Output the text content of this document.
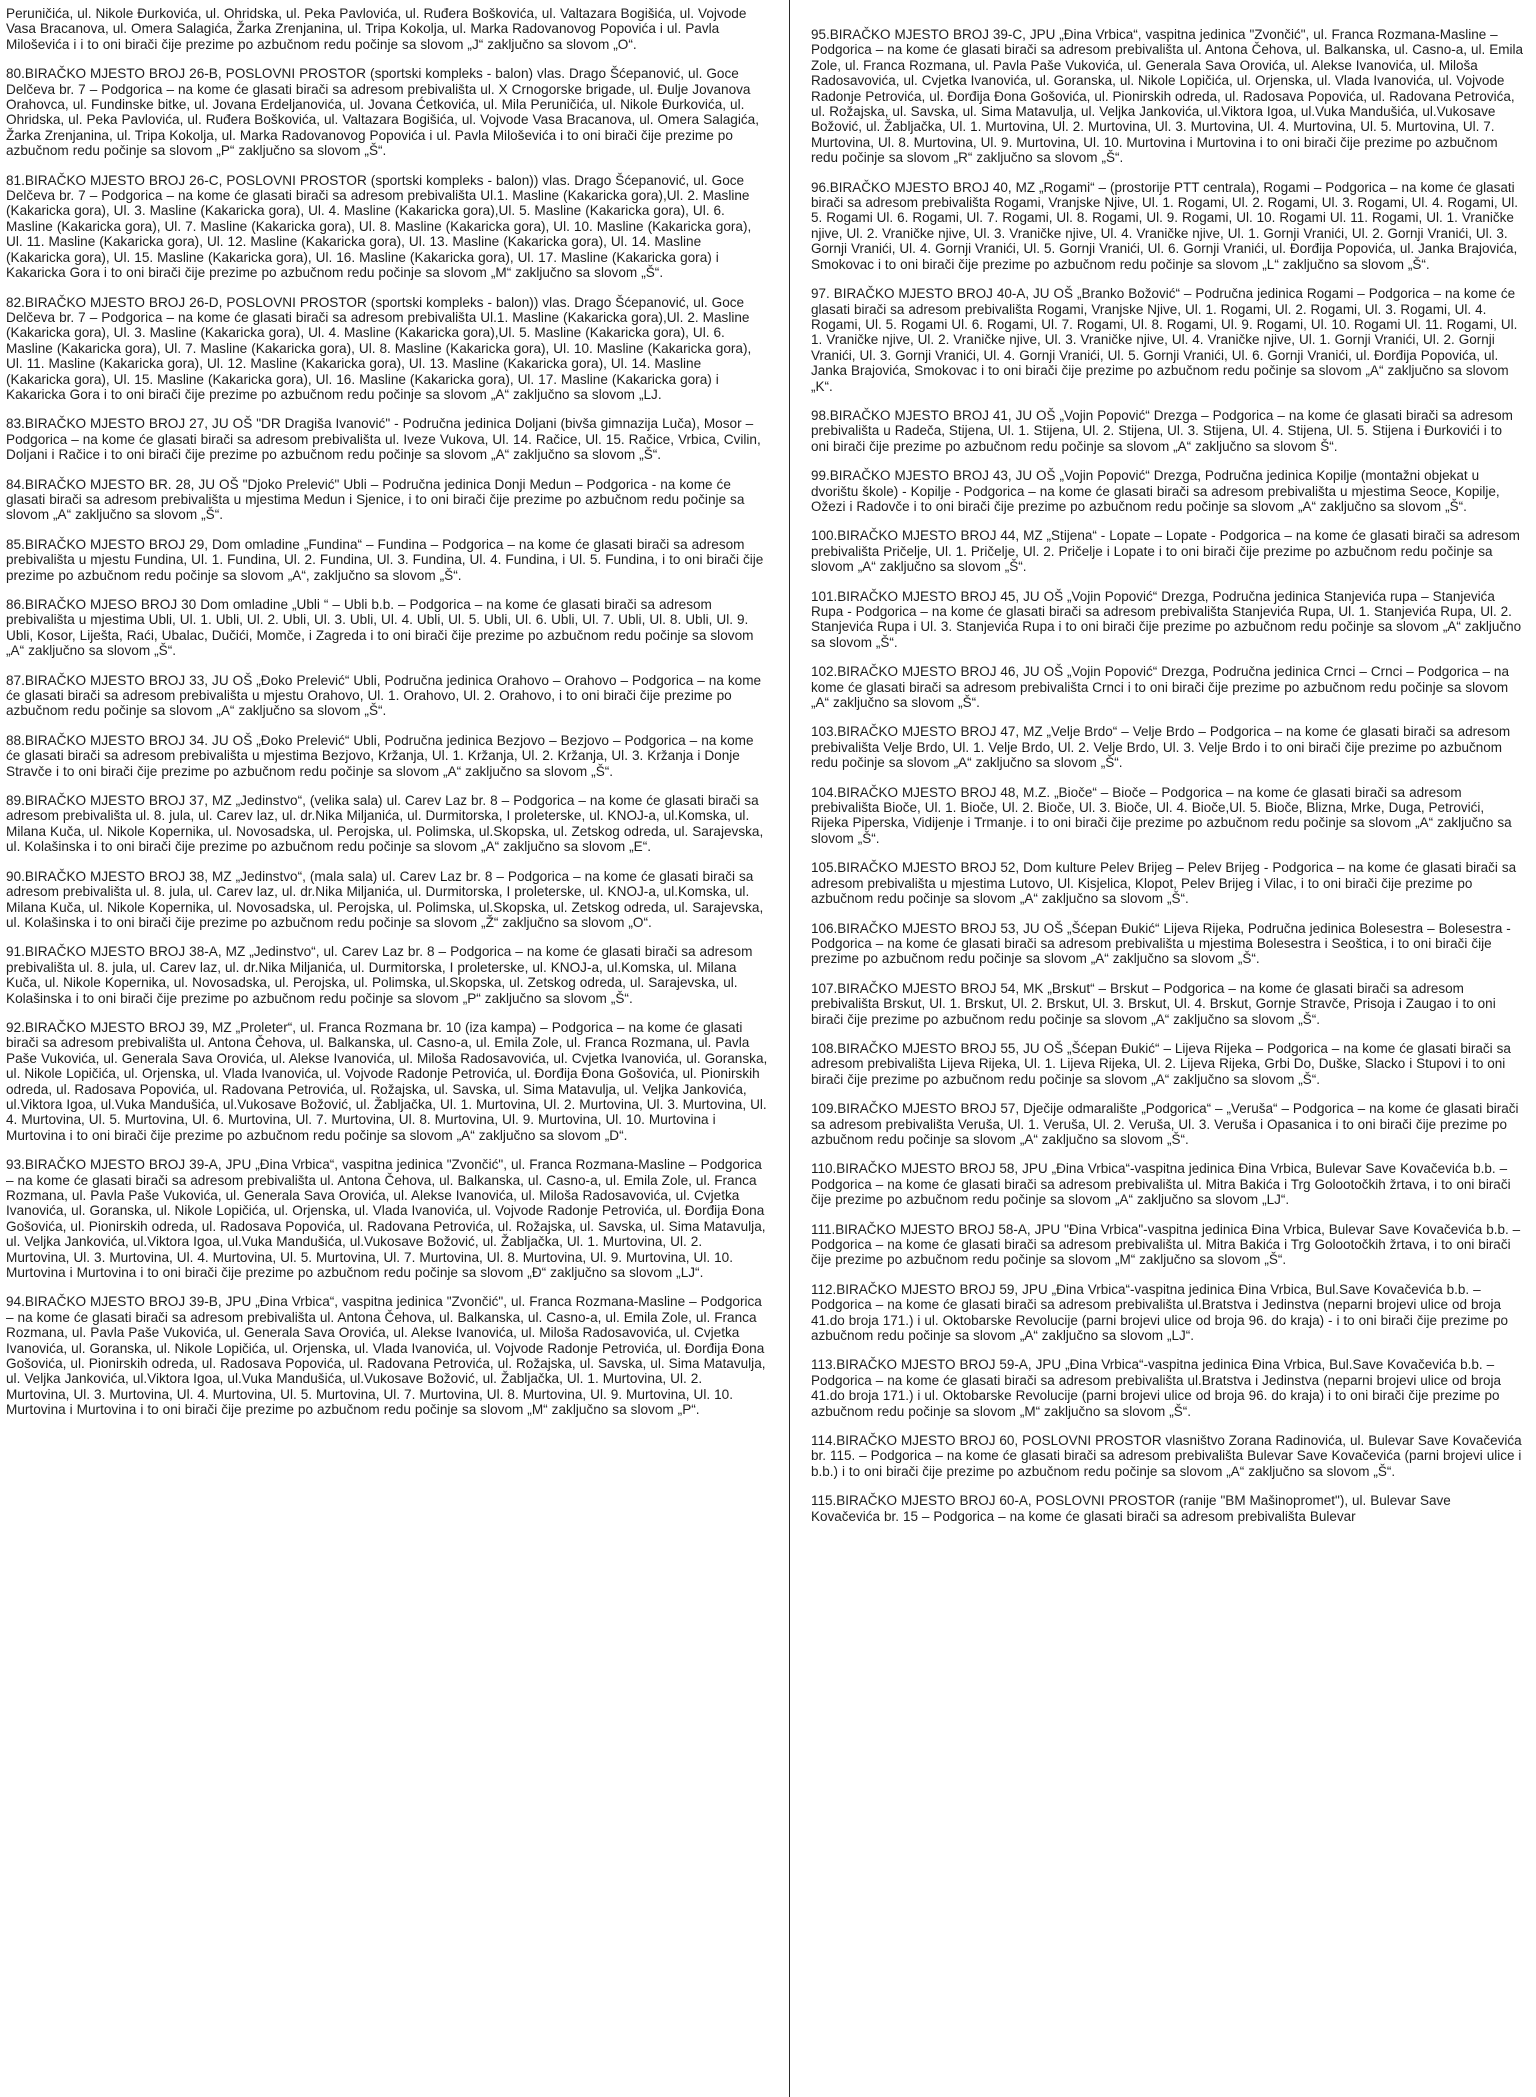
Peruničića, ul. Nikole Đurkovića, ul. Ohridska, ul. Peka Pavlovića, ul. Ruđera Boškovića, ul. Valtazara Bogišića, ul. Vojvode Vasa Bracanova, ul. Omera Salagića, Žarka Zrenjanina, ul. Tripa Kokolja, ul. Marka Radovanovog Popovića i ul. Pavla Miloševića i i to oni birači čije prezime po azbučnom redu počinje sa slovom „J“ zaključno sa slovom „O“.

80.BIRAČKO MJESTO BROJ 26-B, POSLOVNI PROSTOR (sportski kompleks - balon) vlas. Drago Šćepanović, ul. Goce Delčeva br. 7 – Podgorica – na kome će glasati birači sa adresom prebivališta ul. X Crnogorske brigade, ul. Đulje Jovanova Orahovca, ul. Fundinske bitke, ul. Jovana Erdeljanovića, ul. Jovana Ćetkovića, ul. Mila Peruničića, ul. Nikole Đurkovića, ul. Ohridska, ul. Peka Pavlovića, ul. Ruđera Boškovića, ul. Valtazara Bogišića, ul. Vojvode Vasa Bracanova, ul. Omera Salagića, Žarka Zrenjanina, ul. Tripa Kokolja, ul. Marka Radovanovog Popovića i ul. Pavla Miloševića i to oni birači čije prezime po azbučnom redu počinje sa slovom „P“ zaključno sa slovom „Š“.

81.BIRAČKO MJESTO BROJ 26-C, POSLOVNI PROSTOR (sportski kompleks - balon)) vlas. Drago Šćepanović, ul. Goce Delčeva br. 7 – Podgorica – na kome će glasati birači sa adresom prebivališta Ul.1. Masline (Kakaricka gora),Ul. 2. Masline (Kakaricka gora), Ul. 3. Masline (Kakaricka gora), Ul. 4. Masline (Kakaricka gora),Ul. 5. Masline (Kakaricka gora), Ul. 6. Masline (Kakaricka gora), Ul. 7. Masline (Kakaricka gora), Ul. 8. Masline (Kakaricka gora), Ul. 10. Masline (Kakaricka gora), Ul. 11. Masline (Kakaricka gora), Ul. 12. Masline (Kakaricka gora), Ul. 13. Masline (Kakaricka gora), Ul. 14. Masline (Kakaricka gora), Ul. 15. Masline (Kakaricka gora), Ul. 16. Masline (Kakaricka gora), Ul. 17. Masline (Kakaricka gora) i Kakaricka Gora i to oni birači čije prezime po azbučnom redu počinje sa slovom „M“ zaključno sa slovom „Š“.

82.BIRAČKO MJESTO BROJ 26-D, POSLOVNI PROSTOR (sportski kompleks - balon)) vlas. Drago Šćepanović, ul. Goce Delčeva br. 7 – Podgorica – na kome će glasati birači sa adresom prebivališta Ul.1. Masline (Kakaricka gora),Ul. 2. Masline (Kakaricka gora), Ul. 3. Masline (Kakaricka gora), Ul. 4. Masline (Kakaricka gora),Ul. 5. Masline (Kakaricka gora), Ul. 6. Masline (Kakaricka gora), Ul. 7. Masline (Kakaricka gora), Ul. 8. Masline (Kakaricka gora), Ul. 10. Masline (Kakaricka gora), Ul. 11. Masline (Kakaricka gora), Ul. 12. Masline (Kakaricka gora), Ul. 13. Masline (Kakaricka gora), Ul. 14. Masline (Kakaricka gora), Ul. 15. Masline (Kakaricka gora), Ul. 16. Masline (Kakaricka gora), Ul. 17. Masline (Kakaricka gora) i Kakaricka Gora i to oni birači čije prezime po azbučnom redu počinje sa slovom „A“ zaključno sa slovom „LJ.

83.BIRAČKO MJESTO BROJ 27, JU OŠ "DR Dragiša Ivanović" - Područna jedinica Doljani (bivša gimnazija Luča), Mosor – Podgorica – na kome će glasati birači sa adresom prebivališta ul. Iveze Vukova, Ul. 14. Račice, Ul. 15. Račice, Vrbica, Cvilin, Doljani i Račice i to oni birači čije prezime po azbučnom redu počinje sa slovom „A“ zaključno sa slovom „Š“.

84.BIRAČKO MJESTO BR. 28, JU OŠ "Djoko Prelević" Ubli – Područna jedinica Donji Medun – Podgorica - na kome će glasati birači sa adresom prebivališta u mjestima Medun i Sjenice, i to oni birači čije prezime po azbučnom redu počinje sa slovom „A“ zaključno sa slovom „Š“.

85.BIRAČKO MJESTO BROJ 29, Dom omladine „Fundina“ – Fundina – Podgorica – na kome će glasati birači sa adresom prebivališta u mjestu Fundina, Ul. 1. Fundina, Ul. 2. Fundina, Ul. 3. Fundina, Ul. 4. Fundina, i Ul. 5. Fundina, i to oni birači čije prezime po azbučnom redu počinje sa slovom „A“, zaključno sa slovom „Š“.

86.BIRAČKO MJESO BROJ 30 Dom omladine „Ubli “ – Ubli b.b. – Podgorica – na kome će glasati birači sa adresom prebivališta u mjestima Ubli, Ul. 1. Ubli, Ul. 2. Ubli, Ul. 3. Ubli, Ul. 4. Ubli, Ul. 5. Ubli, Ul. 6. Ubli, Ul. 7. Ubli, Ul. 8. Ubli, Ul. 9. Ubli, Kosor, Liješta, Raći, Ubalac, Dučići, Momče, i Zagreda i to oni birači čije prezime po azbučnom redu počinje sa slovom „A“ zaključno sa slovom „Š“.

87.BIRAČKO MJESTO BROJ 33, JU OŠ „Đoko Prelević“ Ubli, Područna jedinica Orahovo – Orahovo – Podgorica – na kome će glasati birači sa adresom prebivališta u mjestu Orahovo, Ul. 1. Orahovo, Ul. 2. Orahovo, i to oni birači čije prezime po azbučnom redu počinje sa slovom „A“ zaključno sa slovom „Š“.

88.BIRAČKO MJESTO BROJ 34. JU OŠ „Đoko Prelević“ Ubli, Područna jedinica Bezjovo – Bezjovo – Podgorica – na kome će glasati birači sa adresom prebivališta u mjestima Bezjovo, Kržanja, Ul. 1. Kržanja, Ul. 2. Kržanja, Ul. 3. Kržanja i Donje Stravče i to oni birači čije prezime po azbučnom redu počinje sa slovom „A“ zaključno sa slovom „Š“.

89.BIRAČKO MJESTO BROJ 37, MZ „Jedinstvo“, (velika sala) ul. Carev Laz br. 8 – Podgorica – na kome će glasati birači sa adresom prebivališta ul. 8. jula, ul. Carev laz, ul. dr.Nika Miljanića, ul. Durmitorska, I proleterske, ul. KNOJ-a, ul.Komska, ul. Milana Kuča, ul. Nikole Kopernika, ul. Novosadska, ul. Perojska, ul. Polimska, ul.Skopska, ul. Zetskog odreda, ul. Sarajevska, ul. Kolašinska i to oni birači čije prezime po azbučnom redu počinje sa slovom „A“ zaključno sa slovom „E“.

90.BIRAČKO MJESTO BROJ 38, MZ „Jedinstvo“, (mala sala) ul. Carev Laz br. 8 – Podgorica – na kome će glasati birači sa adresom prebivališta ul. 8. jula, ul. Carev laz, ul. dr.Nika Miljanića, ul. Durmitorska, I proleterske, ul. KNOJ-a, ul.Komska, ul. Milana Kuča, ul. Nikole Kopernika, ul. Novosadska, ul. Perojska, ul. Polimska, ul.Skopska, ul. Zetskog odreda, ul. Sarajevska, ul. Kolašinska i to oni birači čije prezime po azbučnom redu počinje sa slovom „Ž“ zaključno sa slovom „O“.

91.BIRAČKO MJESTO BROJ 38-A, MZ „Jedinstvo“, ul. Carev Laz br. 8 – Podgorica – na kome će glasati birači sa adresom prebivališta ul. 8. jula, ul. Carev laz, ul. dr.Nika Miljanića, ul. Durmitorska, I proleterske, ul. KNOJ-a, ul.Komska, ul. Milana Kuča, ul. Nikole Kopernika, ul. Novosadska, ul. Perojska, ul. Polimska, ul.Skopska, ul. Zetskog odreda, ul. Sarajevska, ul. Kolašinska i to oni birači čije prezime po azbučnom redu počinje sa slovom „P“ zaključno sa slovom „Š“.

92.BIRAČKO MJESTO BROJ 39, MZ „Proleter“, ul. Franca Rozmana br. 10 (iza kampa) – Podgorica – na kome će glasati birači sa adresom prebivališta ul. Antona Čehova, ul. Balkanska, ul. Casno-a, ul. Emila Zole, ul. Franca Rozmana, ul. Pavla Paše Vukovića, ul. Generala Sava Orovića, ul. Alekse Ivanovića, ul. Miloša Radosavovića, ul. Cvjetka Ivanovića, ul. Goranska, ul. Nikole Lopičića, ul. Orjenska, ul. Vlada Ivanovića, ul. Vojvode Radonje Petrovića, ul. Đorđija Đona Gošovića, ul. Pionirskih odreda, ul. Radosava Popovića, ul. Radovana Petrovića, ul. Rožajska, ul. Savska, ul. Sima Matavulja, ul. Veljka Jankovića, ul.Viktora Igoa, ul.Vuka Mandušića, ul.Vukosave Božović, ul. Žabljačka, Ul. 1. Murtovina, Ul. 2. Murtovina, Ul. 3. Murtovina, Ul. 4. Murtovina, Ul. 5. Murtovina, Ul. 6. Murtovina, Ul. 7. Murtovina, Ul. 8. Murtovina, Ul. 9. Murtovina, Ul. 10. Murtovina i Murtovina i to oni birači čije prezime po azbučnom redu počinje sa slovom „A“ zaključno sa slovom „D“.

93.BIRAČKO MJESTO BROJ 39-A, JPU „Đina Vrbica“, vaspitna jedinica "Zvončić", ul. Franca Rozmana-Masline – Podgorica – na kome će glasati birači sa adresom prebivališta ul. Antona Čehova, ul. Balkanska, ul. Casno-a, ul. Emila Zole, ul. Franca Rozmana, ul. Pavla Paše Vukovića, ul. Generala Sava Orovića, ul. Alekse Ivanovića, ul. Miloša Radosavovića, ul. Cvjetka Ivanovića, ul. Goranska, ul. Nikole Lopičića, ul. Orjenska, ul. Vlada Ivanovića, ul. Vojvode Radonje Petrovića, ul. Đorđija Đona Gošovića, ul. Pionirskih odreda, ul. Radosava Popovića, ul. Radovana Petrovića, ul. Rožajska, ul. Savska, ul. Sima Matavulja, ul. Veljka Jankovića, ul.Viktora Igoa, ul.Vuka Mandušića, ul.Vukosave Božović, ul. Žabljačka, Ul. 1. Murtovina, Ul. 2. Murtovina, Ul. 3. Murtovina, Ul. 4. Murtovina, Ul. 5. Murtovina, Ul. 7. Murtovina, Ul. 8. Murtovina, Ul. 9. Murtovina, Ul. 10. Murtovina i Murtovina i to oni birači čije prezime po azbučnom redu počinje sa slovom „Đ“ zaključno sa slovom „LJ“.

94.BIRAČKO MJESTO BROJ 39-B, JPU „Đina Vrbica“, vaspitna jedinica "Zvončić", ul. Franca Rozmana-Masline – Podgorica – na kome će glasati birači sa adresom prebivališta ul. Antona Čehova, ul. Balkanska, ul. Casno-a, ul. Emila Zole, ul. Franca Rozmana, ul. Pavla Paše Vukovića, ul. Generala Sava Orovića, ul. Alekse Ivanovića, ul. Miloša Radosavovića, ul. Cvjetka Ivanovića, ul. Goranska, ul. Nikole Lopičića, ul. Orjenska, ul. Vlada Ivanovića, ul. Vojvode Radonje Petrovića, ul. Đorđija Đona Gošovića, ul. Pionirskih odreda, ul. Radosava Popovića, ul. Radovana Petrovića, ul. Rožajska, ul. Savska, ul. Sima Matavulja, ul. Veljka Jankovića, ul.Viktora Igoa, ul.Vuka Mandušića, ul.Vukosave Božović, ul. Žabljačka, Ul. 1. Murtovina, Ul. 2. Murtovina, Ul. 3. Murtovina, Ul. 4. Murtovina, Ul. 5. Murtovina, Ul. 7. Murtovina, Ul. 8. Murtovina, Ul. 9. Murtovina, Ul. 10. Murtovina i Murtovina i to oni birači čije prezime po azbučnom redu počinje sa slovom „M“ zaključno sa slovom „P“.

95.BIRAČKO MJESTO BROJ 39-C, JPU „Đina Vrbica“, vaspitna jedinica "Zvončić", ul. Franca Rozmana-Masline – Podgorica – na kome će glasati birači sa adresom prebivališta ul. Antona Čehova, ul. Balkanska, ul. Casno-a, ul. Emila Zole, ul. Franca Rozmana, ul. Pavla Paše Vukovića, ul. Generala Sava Orovića, ul. Alekse Ivanovića, ul. Miloša Radosavovića, ul. Cvjetka Ivanovića, ul. Goranska, ul. Nikole Lopičića, ul. Orjenska, ul. Vlada Ivanovića, ul. Vojvode Radonje Petrovića, ul. Đorđija Đona Gošovića, ul. Pionirskih odreda, ul. Radosava Popovića, ul. Radovana Petrovića, ul. Rožajska, ul. Savska, ul. Sima Matavulja, ul. Veljka Jankovića, ul.Viktora Igoa, ul.Vuka Mandušića, ul.Vukosave Božović, ul. Žabljačka, Ul. 1. Murtovina, Ul. 2. Murtovina, Ul. 3. Murtovina, Ul. 4. Murtovina, Ul. 5. Murtovina, Ul. 7. Murtovina, Ul. 8. Murtovina, Ul. 9. Murtovina, Ul. 10. Murtovina i Murtovina i to oni birači čije prezime po azbučnom redu počinje sa slovom „R“ zaključno sa slovom „Š“.

96.BIRAČKO MJESTO BROJ 40, MZ „Rogami“ – (prostorije PTT centrala), Rogami – Podgorica – na kome će glasati birači sa adresom prebivališta Rogami, Vranjske Njive, Ul. 1. Rogami, Ul. 2. Rogami, Ul. 3. Rogami, Ul. 4. Rogami, Ul. 5. Rogami Ul. 6. Rogami, Ul. 7. Rogami, Ul. 8. Rogami, Ul. 9. Rogami, Ul. 10. Rogami Ul. 11. Rogami, Ul. 1. Vraničke njive, Ul. 2. Vraničke njive, Ul. 3. Vraničke njive, Ul. 4. Vraničke njive, Ul. 1. Gornji Vranići, Ul. 2. Gornji Vranići, Ul. 3. Gornji Vranići, Ul. 4. Gornji Vranići, Ul. 5. Gornji Vranići, Ul. 6. Gornji Vranići, ul. Đorđija Popovića, ul. Janka Brajovića, Smokovac i to oni birači čije prezime po azbučnom redu počinje sa slovom „L“ zaključno sa slovom „Š“.

97. BIRAČKO MJESTO BROJ 40-A, JU OŠ „Branko Božović“ – Područna jedinica Rogami – Podgorica – na kome će glasati birači sa adresom prebivališta Rogami, Vranjske Njive, Ul. 1. Rogami, Ul. 2. Rogami, Ul. 3. Rogami, Ul. 4. Rogami, Ul. 5. Rogami Ul. 6. Rogami, Ul. 7. Rogami, Ul. 8. Rogami, Ul. 9. Rogami, Ul. 10. Rogami Ul. 11. Rogami, Ul. 1. Vraničke njive, Ul. 2. Vraničke njive, Ul. 3. Vraničke njive, Ul. 4. Vraničke njive, Ul. 1. Gornji Vranići, Ul. 2. Gornji Vranići, Ul. 3. Gornji Vranići, Ul. 4. Gornji Vranići, Ul. 5. Gornji Vranići, Ul. 6. Gornji Vranići, ul. Đorđija Popovića, ul. Janka Brajovića, Smokovac i to oni birači čije prezime po azbučnom redu počinje sa slovom „A“ zaključno sa slovom „K“.

98.BIRAČKO MJESTO BROJ 41, JU OŠ „Vojin Popović“ Drezga – Podgorica – na kome će glasati birači sa adresom prebivališta u Radeča, Stijena, Ul. 1. Stijena, Ul. 2. Stijena, Ul. 3. Stijena, Ul. 4. Stijena, Ul. 5. Stijena i Đurkovići i to oni birači čije prezime po azbučnom redu počinje sa slovom „A“ zaključno sa slovom Š“.

99.BIRAČKO MJESTO BROJ 43, JU OŠ „Vojin Popović“ Drezga, Područna jedinica Kopilje (montažni objekat u dvorištu škole) - Kopilje - Podgorica – na kome će glasati birači sa adresom prebivališta u mjestima Seoce, Kopilje, Ožezi i Radovče i to oni birači čije prezime po azbučnom redu počinje sa slovom „A“ zaključno sa slovom „Š“.

100.BIRAČKO MJESTO BROJ 44, MZ „Stijena“ - Lopate – Lopate - Podgorica – na kome će glasati birači sa adresom prebivališta Pričelje, Ul. 1. Pričelje, Ul. 2. Pričelje i Lopate i to oni birači čije prezime po azbučnom redu počinje sa slovom „A“ zaključno sa slovom „Š“.

101.BIRAČKO MJESTO BROJ 45, JU OŠ „Vojin Popović“ Drezga, Područna jedinica Stanjevića rupa – Stanjevića Rupa - Podgorica – na kome će glasati birači sa adresom prebivališta Stanjevića Rupa, Ul. 1. Stanjevića Rupa, Ul. 2. Stanjevića Rupa i Ul. 3. Stanjevića Rupa i to oni birači čije prezime po azbučnom redu počinje sa slovom „A“ zaključno sa slovom „Š“.

102.BIRAČKO MJESTO BROJ 46, JU OŠ „Vojin Popović“ Drezga, Područna jedinica Crnci – Crnci – Podgorica – na kome će glasati birači sa adresom prebivališta Crnci i to oni birači čije prezime po azbučnom redu počinje sa slovom „A“ zaključno sa slovom „Š“.

103.BIRAČKO MJESTO BROJ 47, MZ „Velje Brdo“ – Velje Brdo – Podgorica – na kome će glasati birači sa adresom prebivališta Velje Brdo, Ul. 1. Velje Brdo, Ul. 2. Velje Brdo, Ul. 3. Velje Brdo i to oni birači čije prezime po azbučnom redu počinje sa slovom „A“ zaključno sa slovom „Š“.

104.BIRAČKO MJESTO BROJ 48, M.Z. „Bioče“ – Bioče – Podgorica – na kome će glasati birači sa adresom prebivališta Bioče, Ul. 1. Bioče, Ul. 2. Bioče, Ul. 3. Bioče, Ul. 4. Bioče,Ul. 5. Bioče, Blizna, Mrke, Duga, Petrovići, Rijeka Piperska, Vidijenje i Trmanje. i to oni birači čije prezime po azbučnom redu počinje sa slovom „A“ zaključno sa slovom „Š“.

105.BIRAČKO MJESTO BROJ 52, Dom kulture Pelev Brijeg – Pelev Brijeg - Podgorica – na kome će glasati birači sa adresom prebivališta u mjestima Lutovo, Ul. Kisjelica, Klopot, Pelev Brijeg i Vilac, i to oni birači čije prezime po azbučnom redu počinje sa slovom „A“ zaključno sa slovom „Š“.

106.BIRAČKO MJESTO BROJ 53, JU OŠ „Šćepan Đukić“ Lijeva Rijeka, Područna jedinica Bolesestra – Bolesestra - Podgorica – na kome će glasati birači sa adresom prebivališta u mjestima Bolesestra i Seoštica, i to oni birači čije prezime po azbučnom redu počinje sa slovom „A“ zaključno sa slovom „Š“.

107.BIRAČKO MJESTO BROJ 54, MK „Brskut“ – Brskut – Podgorica – na kome će glasati birači sa adresom prebivališta Brskut, Ul. 1. Brskut, Ul. 2. Brskut, Ul. 3. Brskut, Ul. 4. Brskut, Gornje Stravče, Prisoja i Zaugao i to oni birači čije prezime po azbučnom redu počinje sa slovom „A“ zaključno sa slovom „Š“.

108.BIRAČKO MJESTO BROJ 55, JU OŠ „Šćepan Đukić“ – Lijeva Rijeka – Podgorica – na kome će glasati birači sa adresom prebivališta Lijeva Rijeka, Ul. 1. Lijeva Rijeka, Ul. 2. Lijeva Rijeka, Grbi Do, Duške, Slacko i Stupovi i to oni birači čije prezime po azbučnom redu počinje sa slovom „A“ zaključno sa slovom „Š“.

109.BIRAČKO MJESTO BROJ 57, Dječije odmaralište „Podgorica“ – „Veruša“ – Podgorica – na kome će glasati birači sa adresom prebivališta Veruša, Ul. 1. Veruša, Ul. 2. Veruša, Ul. 3. Veruša i Opasanica i to oni birači čije prezime po azbučnom redu počinje sa slovom „A“ zaključno sa slovom „Š“.

110.BIRAČKO MJESTO BROJ 58, JPU „Đina Vrbica“-vaspitna jedinica Đina Vrbica, Bulevar Save Kovačevića b.b. – Podgorica – na kome će glasati birači sa adresom prebivališta ul. Mitra Bakića i Trg Golootočkih žrtava, i to oni birači čije prezime po azbučnom redu počinje sa slovom „A“ zaključno sa slovom „LJ“.

111.BIRAČKO MJESTO BROJ 58-A, JPU "Đina Vrbica"-vaspitna jedinica Đina Vrbica, Bulevar Save Kovačevića b.b. – Podgorica – na kome će glasati birači sa adresom prebivališta ul. Mitra Bakića i Trg Golootočkih žrtava, i to oni birači čije prezime po azbučnom redu počinje sa slovom „M“ zaključno sa slovom „Š“.

112.BIRAČKO MJESTO BROJ 59, JPU „Đina Vrbica“-vaspitna jedinica Đina Vrbica, Bul.Save Kovačevića b.b. – Podgorica – na kome će glasati birači sa adresom prebivališta ul.Bratstva i Jedinstva (neparni brojevi ulice od broja 41.do broja 171.) i ul. Oktobarske Revolucije (parni brojevi ulice od broja 96. do kraja) - i to oni birači čije prezime po azbučnom redu počinje sa slovom „A“ zaključno sa slovom „LJ“.

113.BIRAČKO MJESTO BROJ 59-A, JPU „Đina Vrbica“-vaspitna jedinica Đina Vrbica, Bul.Save Kovačevića b.b. – Podgorica – na kome će glasati birači sa adresom prebivališta ul.Bratstva i Jedinstva (neparni brojevi ulice od broja 41.do broja 171.) i ul. Oktobarske Revolucije (parni brojevi ulice od broja 96. do kraja) i to oni birači čije prezime po azbučnom redu počinje sa slovom „M“ zaključno sa slovom „Š“.

114.BIRAČKO MJESTO BROJ 60, POSLOVNI PROSTOR vlasništvo Zorana Radinovića, ul. Bulevar Save Kovačevića br. 115. – Podgorica – na kome će glasati birači sa adresom prebivališta Bulevar Save Kovačevića (parni brojevi ulice i b.b.) i to oni birači čije prezime po azbučnom redu počinje sa slovom „A“ zaključno sa slovom „Š“.

115.BIRAČKO MJESTO BROJ 60-A, POSLOVNI PROSTOR (ranije "BM Mašinopromet"), ul. Bulevar Save Kovačevića br. 15 – Podgorica – na kome će glasati birači sa adresom prebivališta Bulevar
